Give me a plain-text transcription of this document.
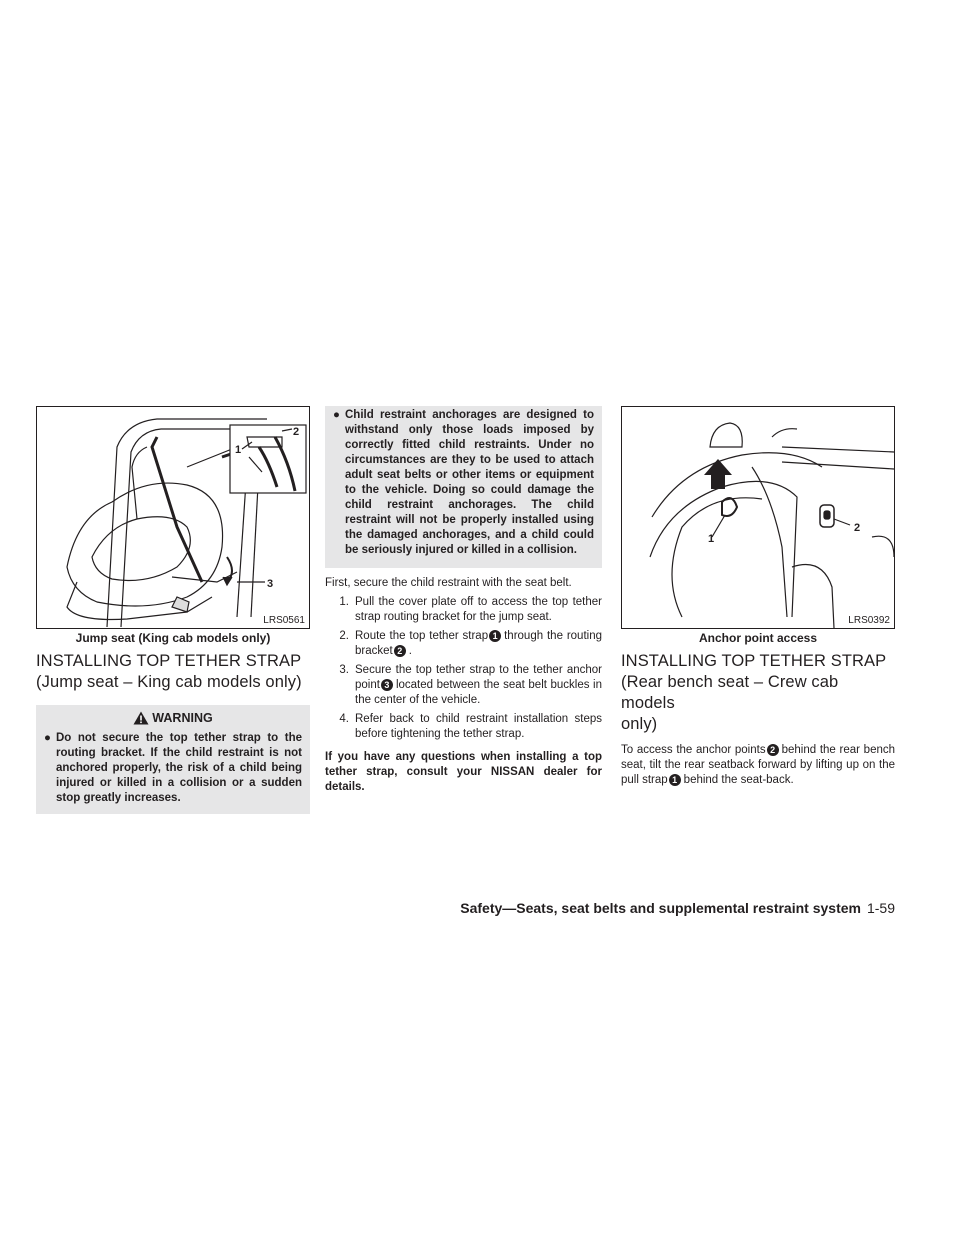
2
1
3
LRS0561
Jump seat (King cab models only)
INSTALLING TOP TETHER STRAP
(Jump seat – King cab models only)
WARNING
● Do not secure the top tether strap to the routing bracket. If the child restraint is not anchored properly, the risk of a child being injured or killed in a collision or a sudden stop greatly increases.
● Child restraint anchorages are designed to withstand only those loads imposed by correctly fitted child restraints. Under no circumstances are they to be used to attach adult seat belts or other items or equipment to the vehicle. Doing so could damage the child restraint anchorages. The child restraint will not be properly installed using the damaged anchorages, and a child could be seriously injured or killed in a collision.

First, secure the child restraint with the seat belt.

1. Pull the cover plate off to access the top tether strap routing bracket for the jump seat.
2. Route the top tether strap 1 through the routing bracket 2 .
3. Secure the top tether strap to the tether anchor point 3 located between the seat belt buckles in the center of the vehicle.
4. Refer back to child restraint installation steps before tightening the tether strap.

If you have any questions when installing a top tether strap, consult your NISSAN dealer for details.

1
2
LRS0392
Anchor point access
INSTALLING TOP TETHER STRAP
(Rear bench seat – Crew cab models
only)

To access the anchor points 2 behind the rear bench seat, tilt the rear seatback forward by lifting up on the pull strap 1 behind the seat-back.

Safety—Seats, seat belts and supplemental restraint system 1-59
